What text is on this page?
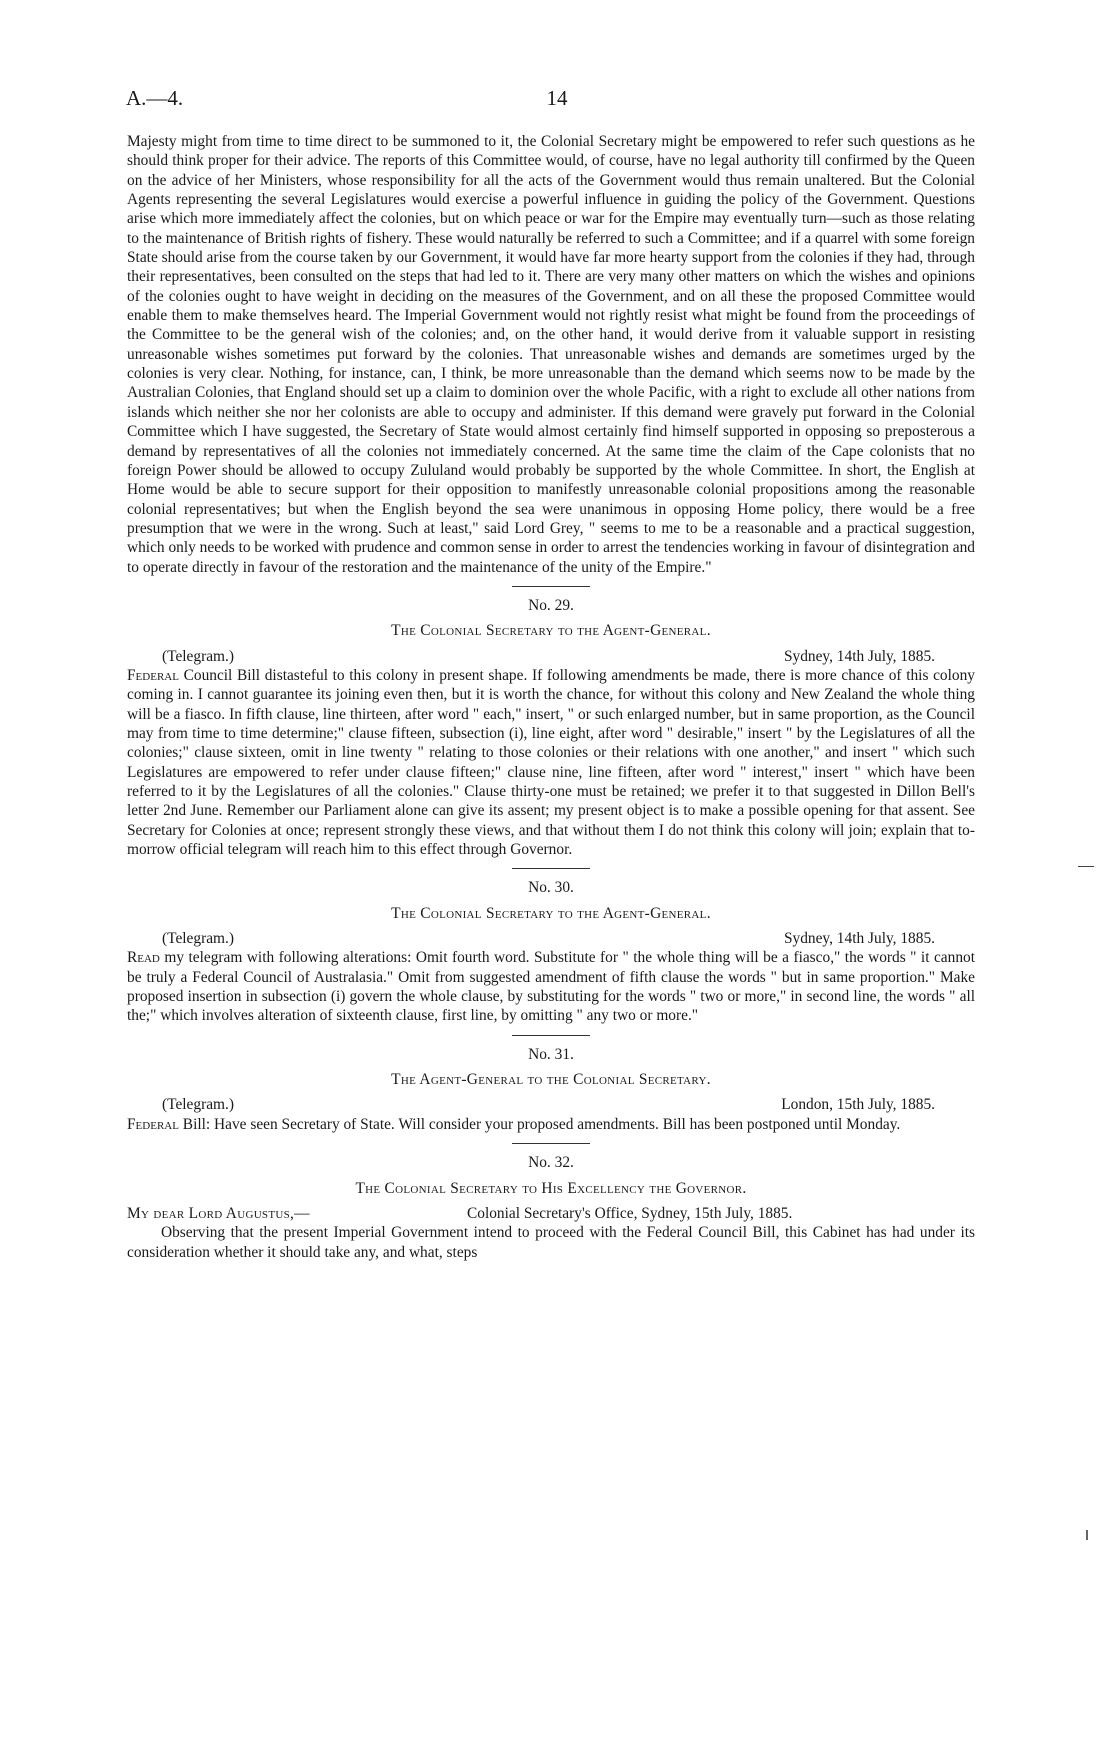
A.—4.	14

Majesty might from time to time direct to be summoned to it, the Colonial Secretary might be empowered to refer such questions as he should think proper for their advice. The reports of this Committee would, of course, have no legal authority till confirmed by the Queen on the advice of her Ministers, whose responsibility for all the acts of the Government would thus remain unaltered. But the Colonial Agents representing the several Legislatures would exercise a powerful influence in guiding the policy of the Government. Questions arise which more immediately affect the colonies, but on which peace or war for the Empire may eventually turn—such as those relating to the maintenance of British rights of fishery. These would naturally be referred to such a Committee; and if a quarrel with some foreign State should arise from the course taken by our Government, it would have far more hearty support from the colonies if they had, through their representatives, been consulted on the steps that had led to it. There are very many other matters on which the wishes and opinions of the colonies ought to have weight in deciding on the measures of the Government, and on all these the proposed Committee would enable them to make themselves heard. The Imperial Government would not rightly resist what might be found from the proceedings of the Committee to be the general wish of the colonies; and, on the other hand, it would derive from it valuable support in resisting unreasonable wishes sometimes put forward by the colonies. That unreasonable wishes and demands are sometimes urged by the colonies is very clear. Nothing, for instance, can, I think, be more unreasonable than the demand which seems now to be made by the Australian Colonies, that England should set up a claim to dominion over the whole Pacific, with a right to exclude all other nations from islands which neither she nor her colonists are able to occupy and administer. If this demand were gravely put forward in the Colonial Committee which I have suggested, the Secretary of State would almost certainly find himself supported in opposing so preposterous a demand by representatives of all the colonies not immediately concerned. At the same time the claim of the Cape colonists that no foreign Power should be allowed to occupy Zululand would probably be supported by the whole Committee. In short, the English at Home would be able to secure support for their opposition to manifestly unreasonable colonial propositions among the reasonable colonial representatives; but when the English beyond the sea were unanimous in opposing Home policy, there would be a free presumption that we were in the wrong. Such at least," said Lord Grey, " seems to me to be a reasonable and a practical suggestion, which only needs to be worked with prudence and common sense in order to arrest the tendencies working in favour of disintegration and to operate directly in favour of the restoration and the maintenance of the unity of the Empire."

No. 29.
The Colonial Secretary to the Agent-General.
(Telegram.)	Sydney, 14th July, 1885.

Federal Council Bill distasteful to this colony in present shape. If following amendments be made, there is more chance of this colony coming in. I cannot guarantee its joining even then, but it is worth the chance, for without this colony and New Zealand the whole thing will be a fiasco. In fifth clause, line thirteen, after word " each," insert, " or such enlarged number, but in same proportion, as the Council may from time to time determine;" clause fifteen, subsection (i), line eight, after word " desirable," insert " by the Legislatures of all the colonies;" clause sixteen, omit in line twenty " relating to those colonies or their relations with one another," and insert " which such Legislatures are empowered to refer under clause fifteen;" clause nine, line fifteen, after word " interest," insert " which have been referred to it by the Legislatures of all the colonies." Clause thirty-one must be retained; we prefer it to that suggested in Dillon Bell's letter 2nd June. Remember our Parliament alone can give its assent; my present object is to make a possible opening for that assent. See Secretary for Colonies at once; represent strongly these views, and that without them I do not think this colony will join; explain that to-morrow official telegram will reach him to this effect through Governor.

No. 30.
The Colonial Secretary to the Agent-General.
(Telegram.)	Sydney, 14th July, 1885.

Read my telegram with following alterations: Omit fourth word. Substitute for " the whole thing will be a fiasco," the words " it cannot be truly a Federal Council of Australasia." Omit from suggested amendment of fifth clause the words " but in same proportion." Make proposed insertion in subsection (i) govern the whole clause, by substituting for the words " two or more," in second line, the words " all the;" which involves alteration of sixteenth clause, first line, by omitting " any two or more."

No. 31.
The Agent-General to the Colonial Secretary.
(Telegram.)	London, 15th July, 1885.

Federal Bill: Have seen Secretary of State. Will consider your proposed amendments. Bill has been postponed until Monday.

No. 32.
The Colonial Secretary to His Excellency the Governor.
My dear Lord Augustus,—	Colonial Secretary's Office, Sydney, 15th July, 1885.

Observing that the present Imperial Government intend to proceed with the Federal Council Bill, this Cabinet has had under its consideration whether it should take any, and what, steps
